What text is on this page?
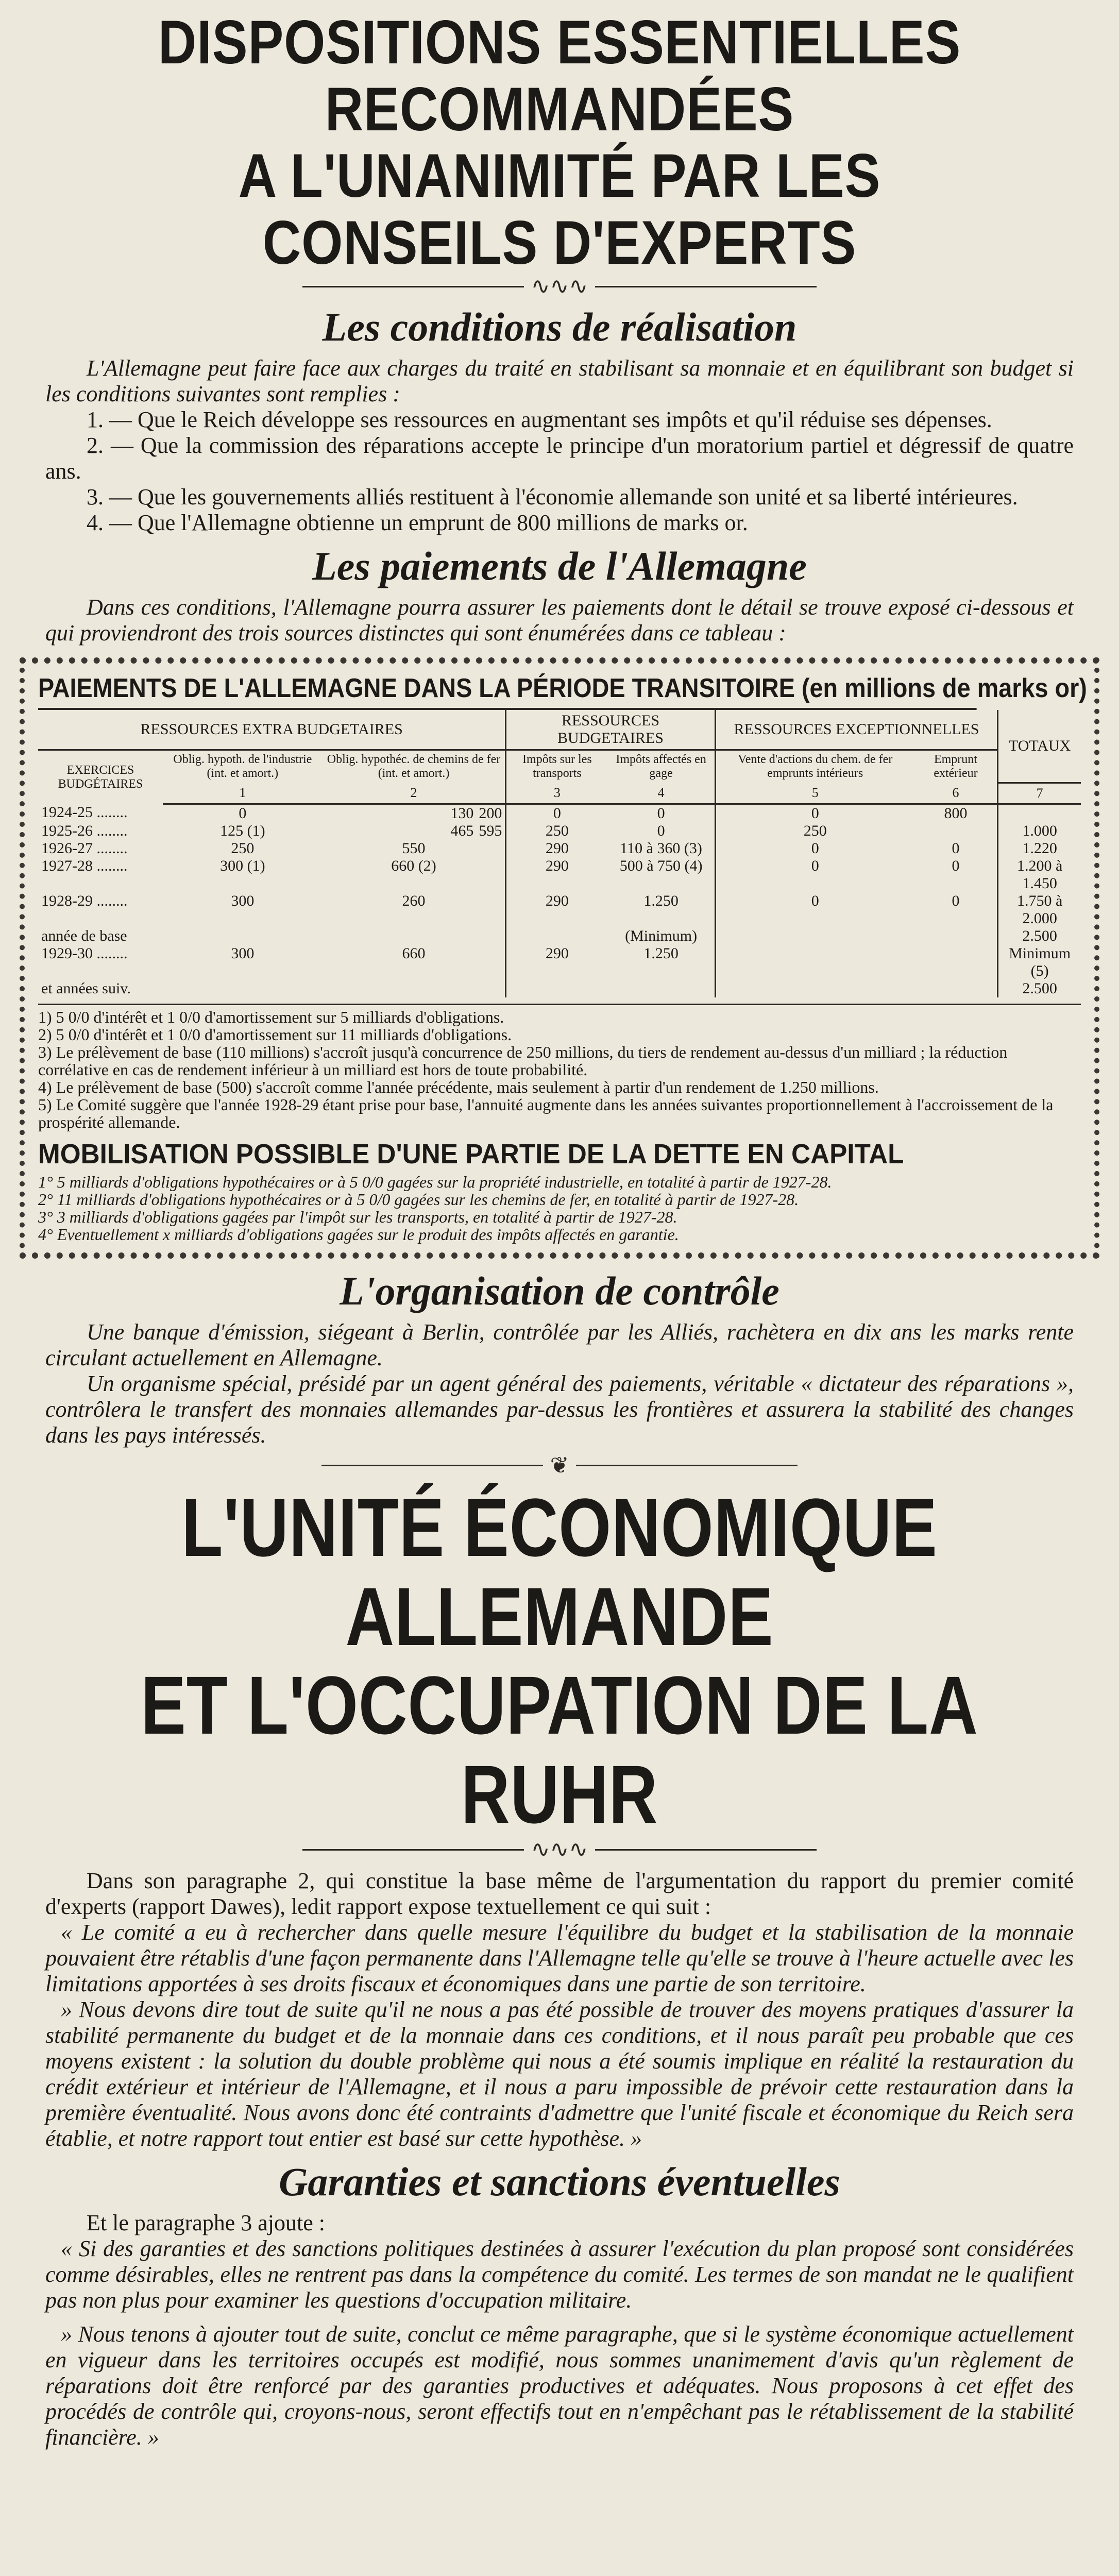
DISPOSITIONS ESSENTIELLES RECOMMANDÉES
A L'UNANIMITÉ PAR LES CONSEILS D'EXPERTS
∿∿∿
Les conditions de réalisation

L'Allemagne peut faire face aux charges du traité en stabilisant sa monnaie et en équilibrant son budget si les conditions suivantes sont remplies :

1. — Que le Reich développe ses ressources en augmentant ses impôts et qu'il réduise ses dépenses.

2. — Que la commission des réparations accepte le principe d'un moratorium partiel et dégressif de quatre ans.

3. — Que les gouvernements alliés restituent à l'économie allemande son unité et sa liberté intérieures.

4. — Que l'Allemagne obtienne un emprunt de 800 millions de marks or.

Les paiements de l'Allemagne

Dans ces conditions, l'Allemagne pourra assurer les paiements dont le détail se trouve exposé ci-dessous et qui proviendront des trois sources distinctes qui sont énumérées dans ce tableau :

PAIEMENTS DE L'ALLEMAGNE DANS LA PÉRIODE TRANSITOIRE (en millions de marks or)
RESSOURCES EXTRA BUDGETAIRES			RESSOURCES BUDGETAIRES		RESSOURCES EXCEPTIONNELLES		TOTAUX
EXERCICES BUDGÉTAIRES	Oblig. hypoth. de l'industrie (int. et amort.)	Oblig. hypothéc. de chemins de fer (int. et amort.)	Impôts sur les transports	Impôts affectés en gage	Vente d'actions du chem. de fer emprunts intérieurs	Emprunt extérieur	
	1	2	3	4	5	6	7
1924-25 ........	0	130 200	0	0	0	800	
1925-26 ........	125 (1)	465 595	250	0	250		1.000
1926-27 ........	250	550	290	110 à 360 (3)	0	0	1.220
1927-28 ........	300 (1)	660 (2)	290	500 à 750 (4)	0	0	1.200 à 1.450
1928-29 ........	300	260	290	1.250	0	0	1.750 à 2.000
année de base				(Minimum)			2.500
1929-30 ........	300	660	290	1.250			Minimum (5)
et années suiv.							2.500

1) 5 0/0 d'intérêt et 1 0/0 d'amortissement sur 5 milliards d'obligations.

2) 5 0/0 d'intérêt et 1 0/0 d'amortissement sur 11 milliards d'obligations.

3) Le prélèvement de base (110 millions) s'accroît jusqu'à concurrence de 250 millions, du tiers de rendement au-dessus d'un milliard ; la réduction corrélative en cas de rendement inférieur à un milliard est hors de toute probabilité.

4) Le prélèvement de base (500) s'accroît comme l'année précédente, mais seulement à partir d'un rendement de 1.250 millions.

5) Le Comité suggère que l'année 1928-29 étant prise pour base, l'annuité augmente dans les années suivantes proportionnellement à l'accroissement de la prospérité allemande.

MOBILISATION POSSIBLE D'UNE PARTIE DE LA DETTE EN CAPITAL

1° 5 milliards d'obligations hypothécaires or à 5 0/0 gagées sur la propriété industrielle, en totalité à partir de 1927-28.

2° 11 milliards d'obligations hypothécaires or à 5 0/0 gagées sur les chemins de fer, en totalité à partir de 1927-28.

3° 3 milliards d'obligations gagées par l'impôt sur les transports, en totalité à partir de 1927-28.

4° Eventuellement x milliards d'obligations gagées sur le produit des impôts affectés en garantie.

L'organisation de contrôle

Une banque d'émission, siégeant à Berlin, contrôlée par les Alliés, rachètera en dix ans les marks rente circulant actuellement en Allemagne.

Un organisme spécial, présidé par un agent général des paiements, véritable « dictateur des réparations », contrôlera le transfert des monnaies allemandes par-dessus les frontières et assurera la stabilité des changes dans les pays intéressés.

❦
L'UNITÉ ÉCONOMIQUE ALLEMANDE
ET L'OCCUPATION DE LA RUHR
∿∿∿

Dans son paragraphe 2, qui constitue la base même de l'argumentation du rapport du premier comité d'experts (rapport Dawes), ledit rapport expose textuellement ce qui suit :

« Le comité a eu à rechercher dans quelle mesure l'équilibre du budget et la stabilisation de la monnaie pouvaient être rétablis d'une façon permanente dans l'Allemagne telle qu'elle se trouve à l'heure actuelle avec les limitations apportées à ses droits fiscaux et économiques dans une partie de son territoire.

» Nous devons dire tout de suite qu'il ne nous a pas été possible de trouver des moyens pratiques d'assurer la stabilité permanente du budget et de la monnaie dans ces conditions, et il nous paraît peu probable que ces moyens existent : la solution du double problème qui nous a été soumis implique en réalité la restauration du crédit extérieur et intérieur de l'Allemagne, et il nous a paru impossible de prévoir cette restauration dans la première éventualité. Nous avons donc été contraints d'admettre que l'unité fiscale et économique du Reich sera établie, et notre rapport tout entier est basé sur cette hypothèse. »

Garanties et sanctions éventuelles

Et le paragraphe 3 ajoute :

« Si des garanties et des sanctions politiques destinées à assurer l'exécution du plan proposé sont considérées comme désirables, elles ne rentrent pas dans la compétence du comité. Les termes de son mandat ne le qualifient pas non plus pour examiner les questions d'occupation militaire.

» Nous tenons à ajouter tout de suite, conclut ce même paragraphe, que si le système économique actuellement en vigueur dans les territoires occupés est modifié, nous sommes unanimement d'avis qu'un règlement de réparations doit être renforcé par des garanties productives et adéquates. Nous proposons à cet effet des procédés de contrôle qui, croyons-nous, seront effectifs tout en n'empêchant pas le rétablissement de la stabilité financière. »
